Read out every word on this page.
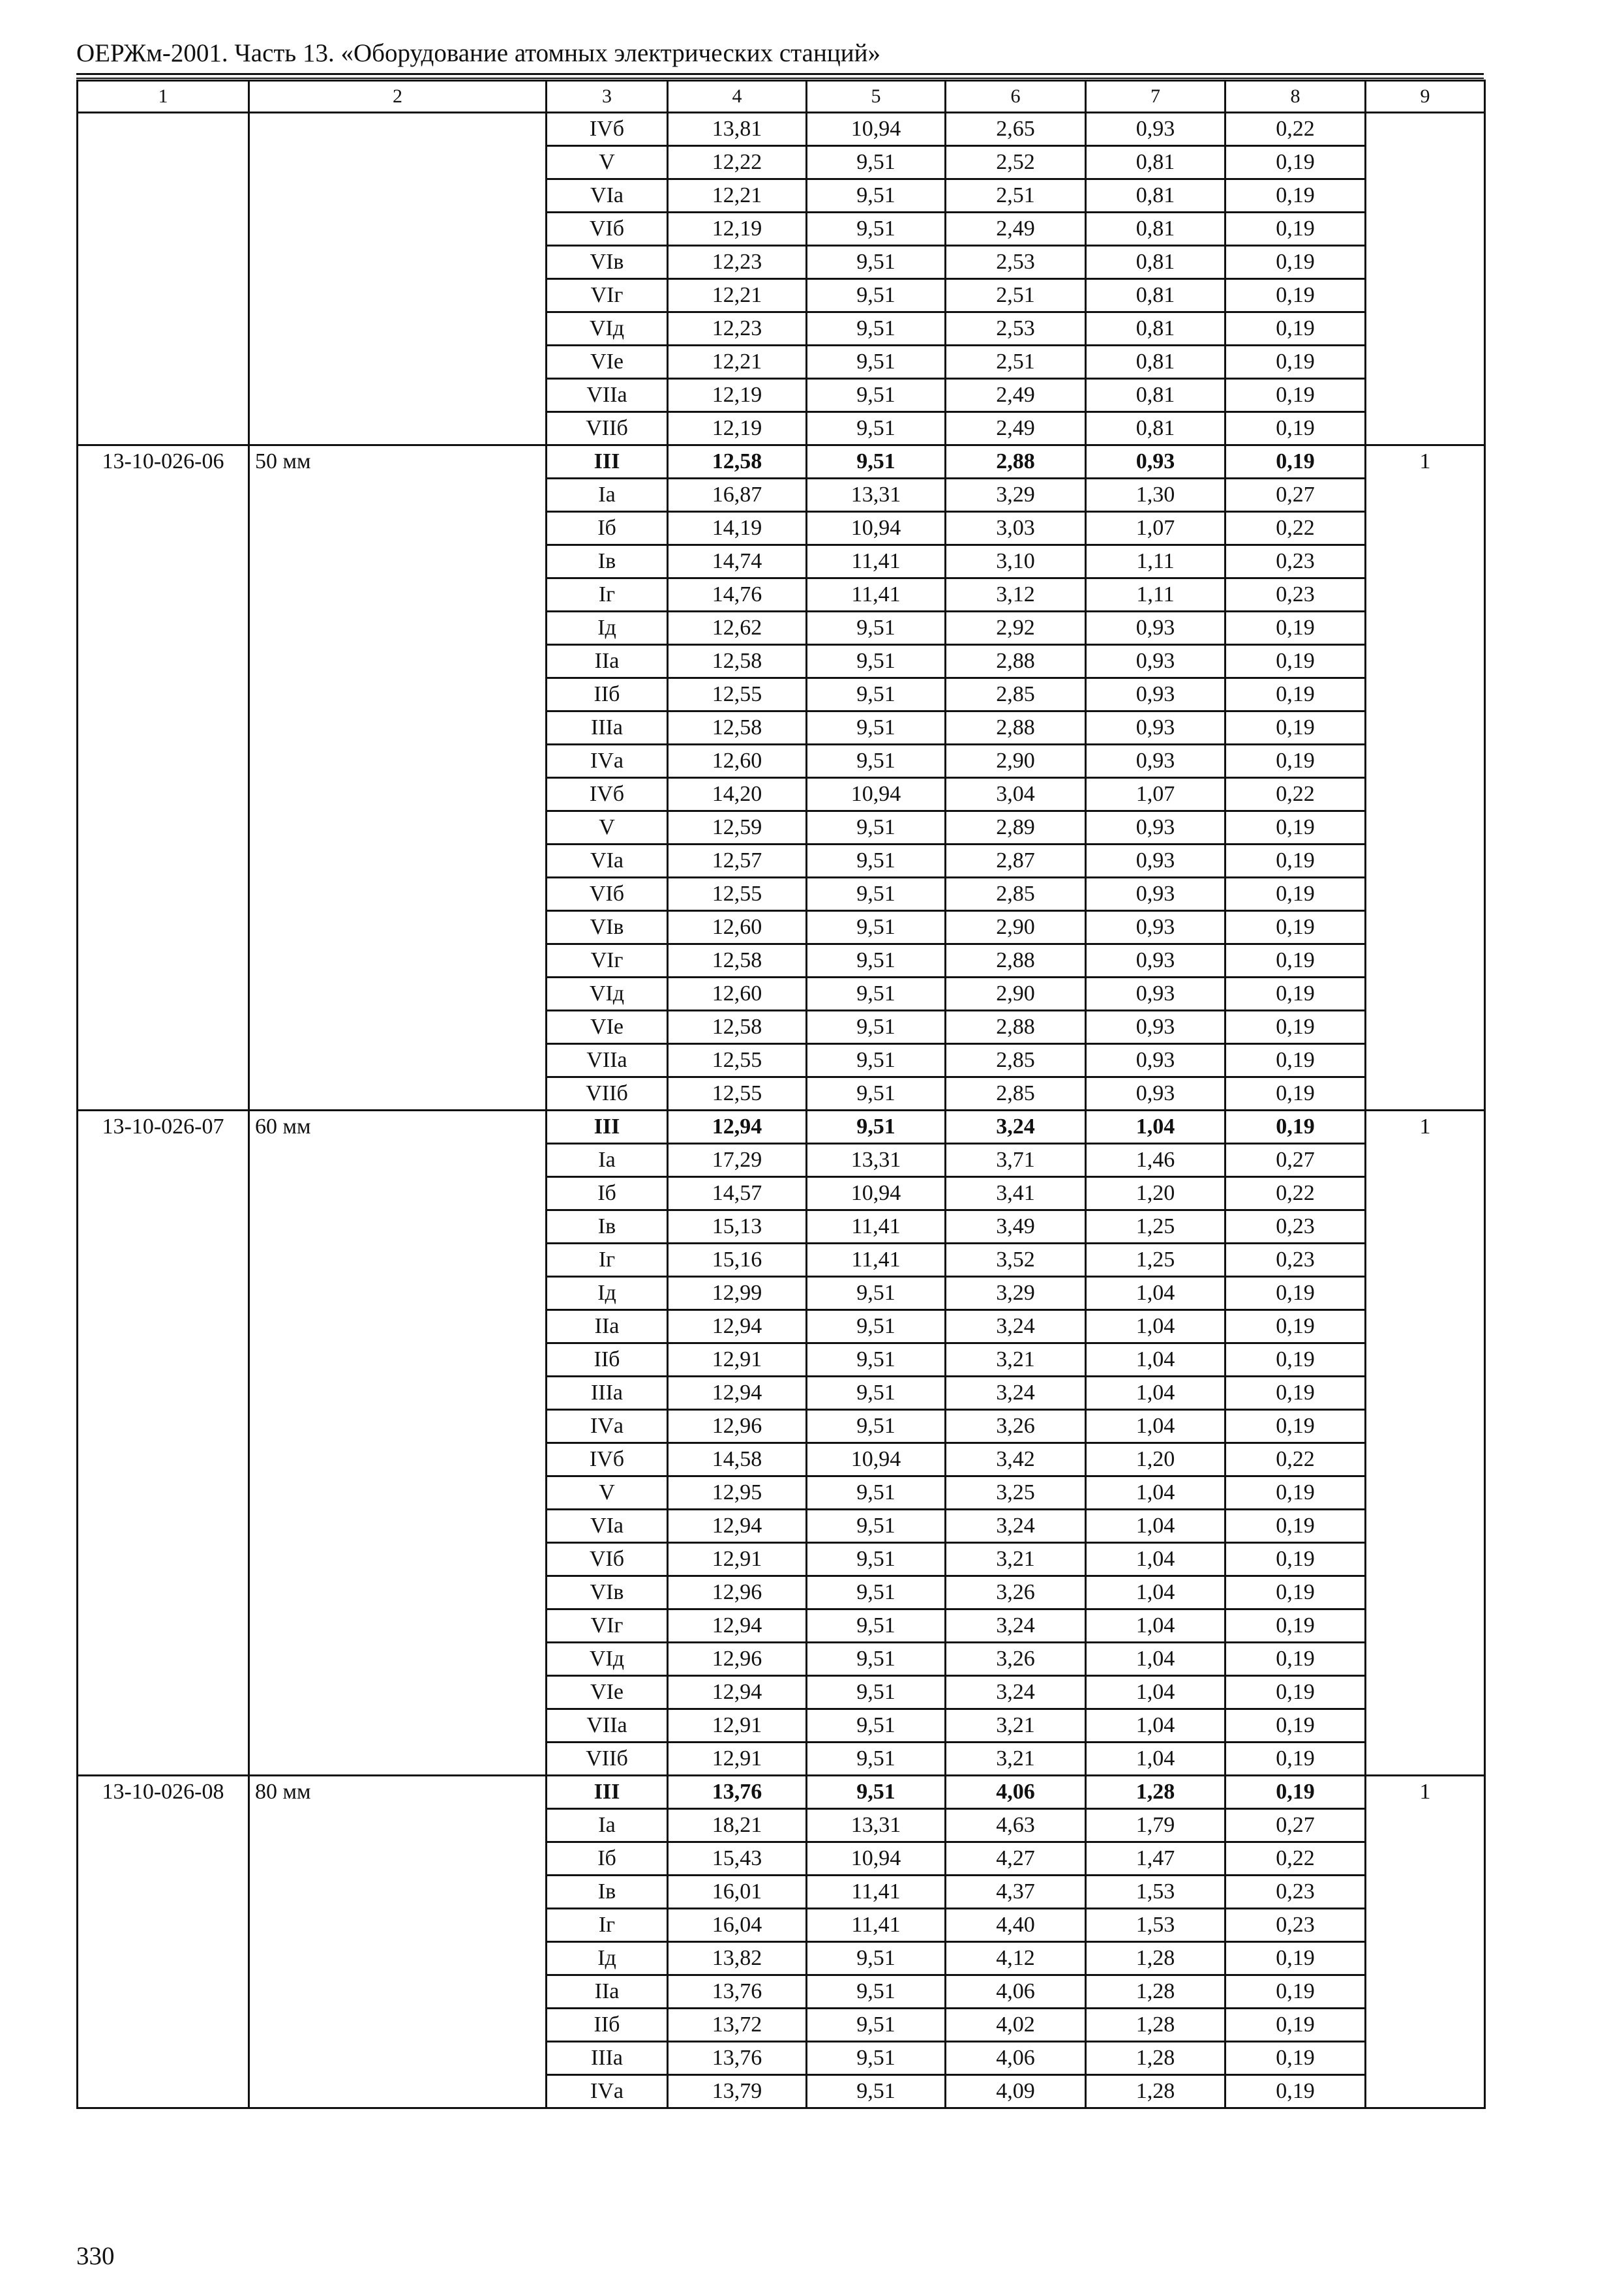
ОЕРЖм-2001. Часть 13. «Оборудование атомных электрических станций»
1	2	3	4	5	6	7	8	9
		IVб	13,81	10,94	2,65	0,93	0,22	
		V	12,22	9,51	2,52	0,81	0,19	
		VIа	12,21	9,51	2,51	0,81	0,19	
		VIб	12,19	9,51	2,49	0,81	0,19	
		VIв	12,23	9,51	2,53	0,81	0,19	
		VIг	12,21	9,51	2,51	0,81	0,19	
		VIд	12,23	9,51	2,53	0,81	0,19	
		VIе	12,21	9,51	2,51	0,81	0,19	
		VIIа	12,19	9,51	2,49	0,81	0,19	
		VIIб	12,19	9,51	2,49	0,81	0,19	
13-10-026-06	50 мм	III	12,58	9,51	2,88	0,93	0,19	1
		Iа	16,87	13,31	3,29	1,30	0,27	
		Iб	14,19	10,94	3,03	1,07	0,22	
		Iв	14,74	11,41	3,10	1,11	0,23	
		Iг	14,76	11,41	3,12	1,11	0,23	
		Iд	12,62	9,51	2,92	0,93	0,19	
		IIа	12,58	9,51	2,88	0,93	0,19	
		IIб	12,55	9,51	2,85	0,93	0,19	
		IIIа	12,58	9,51	2,88	0,93	0,19	
		IVа	12,60	9,51	2,90	0,93	0,19	
		IVб	14,20	10,94	3,04	1,07	0,22	
		V	12,59	9,51	2,89	0,93	0,19	
		VIа	12,57	9,51	2,87	0,93	0,19	
		VIб	12,55	9,51	2,85	0,93	0,19	
		VIв	12,60	9,51	2,90	0,93	0,19	
		VIг	12,58	9,51	2,88	0,93	0,19	
		VIд	12,60	9,51	2,90	0,93	0,19	
		VIе	12,58	9,51	2,88	0,93	0,19	
		VIIа	12,55	9,51	2,85	0,93	0,19	
		VIIб	12,55	9,51	2,85	0,93	0,19	
13-10-026-07	60 мм	III	12,94	9,51	3,24	1,04	0,19	1
		Iа	17,29	13,31	3,71	1,46	0,27	
		Iб	14,57	10,94	3,41	1,20	0,22	
		Iв	15,13	11,41	3,49	1,25	0,23	
		Iг	15,16	11,41	3,52	1,25	0,23	
		Iд	12,99	9,51	3,29	1,04	0,19	
		IIа	12,94	9,51	3,24	1,04	0,19	
		IIб	12,91	9,51	3,21	1,04	0,19	
		IIIа	12,94	9,51	3,24	1,04	0,19	
		IVа	12,96	9,51	3,26	1,04	0,19	
		IVб	14,58	10,94	3,42	1,20	0,22	
		V	12,95	9,51	3,25	1,04	0,19	
		VIа	12,94	9,51	3,24	1,04	0,19	
		VIб	12,91	9,51	3,21	1,04	0,19	
		VIв	12,96	9,51	3,26	1,04	0,19	
		VIг	12,94	9,51	3,24	1,04	0,19	
		VIд	12,96	9,51	3,26	1,04	0,19	
		VIе	12,94	9,51	3,24	1,04	0,19	
		VIIа	12,91	9,51	3,21	1,04	0,19	
		VIIб	12,91	9,51	3,21	1,04	0,19	
13-10-026-08	80 мм	III	13,76	9,51	4,06	1,28	0,19	1
		Iа	18,21	13,31	4,63	1,79	0,27	
		Iб	15,43	10,94	4,27	1,47	0,22	
		Iв	16,01	11,41	4,37	1,53	0,23	
		Iг	16,04	11,41	4,40	1,53	0,23	
		Iд	13,82	9,51	4,12	1,28	0,19	
		IIа	13,76	9,51	4,06	1,28	0,19	
		IIб	13,72	9,51	4,02	1,28	0,19	
		IIIа	13,76	9,51	4,06	1,28	0,19	
		IVа	13,79	9,51	4,09	1,28	0,19	
330
